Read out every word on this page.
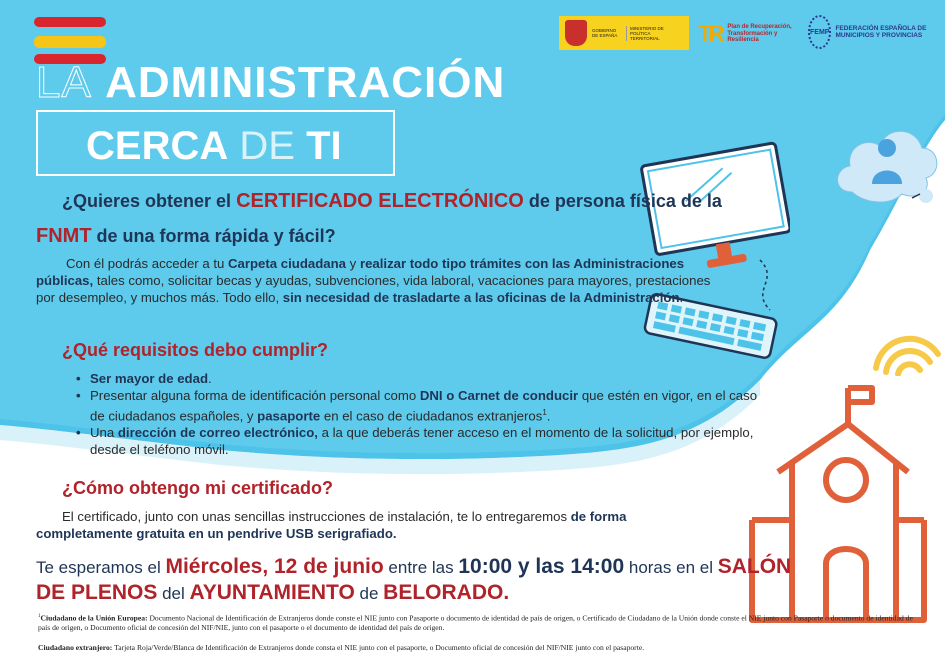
LA ADMINISTRACIÓN
CERCA DE TI
GOBIERNO DE ESPAÑA
MINISTERIO DE POLÍTICA TERRITORIAL	TR Plan de Recuperación, Transformación y Resiliencia
FEMP
FEDERACIÓN ESPAÑOLA DE MUNICIPIOS Y PROVINCIAS
¿Quieres obtener el CERTIFICADO ELECTRÓNICO de persona física de la
FNMT de una forma rápida y fácil?
Con él podrás acceder a tu Carpeta ciudadana y realizar todo tipo trámites con las Administraciones públicas, tales como, solicitar becas y ayudas, subvenciones, vida laboral, vacaciones para mayores, prestaciones por desempleo, y muchos más. Todo ello, sin necesidad de trasladarte a las oficinas de la Administración.
¿Qué requisitos debo cumplir?
• Ser mayor de edad.
• Presentar alguna forma de identificación personal como DNI o Carnet de conducir que estén en vigor, en el caso de ciudadanos españoles, y pasaporte en el caso de ciudadanos extranjeros$^1$.
• Una dirección de correo electrónico, a la que deberás tener acceso en el momento de la solicitud, por ejemplo, desde el teléfono móvil.
¿Cómo obtengo mi certificado?
El certificado, junto con unas sencillas instrucciones de instalación, te lo entregaremos de forma completamente gratuita en un pendrive USB serigrafiado.
Te esperamos el Miércoles, 12 de junio entre las 10:00 y las 14:00 horas en el SALÓN
DE PLENOS del AYUNTAMIENTO de BELORADO.
$^1$Ciudadano de la Unión Europea: Documento Nacional de Identificación de Extranjeros donde conste el NIE junto con Pasaporte o documento de identidad de país de origen, o Certificado de Ciudadano de la Unión donde conste el NIE junto con Pasaporte o documento de identidad de país de origen, o Documento oficial de concesión del NIF/NIE, junto con el pasaporte o el documento de identidad del país de origen.
Ciudadano extranjero: Tarjeta Roja/Verde/Blanca de Identificación de Extranjeros donde consta el NIE junto con el pasaporte, o Documento oficial de concesión del NIF/NIE junto con el pasaporte.
